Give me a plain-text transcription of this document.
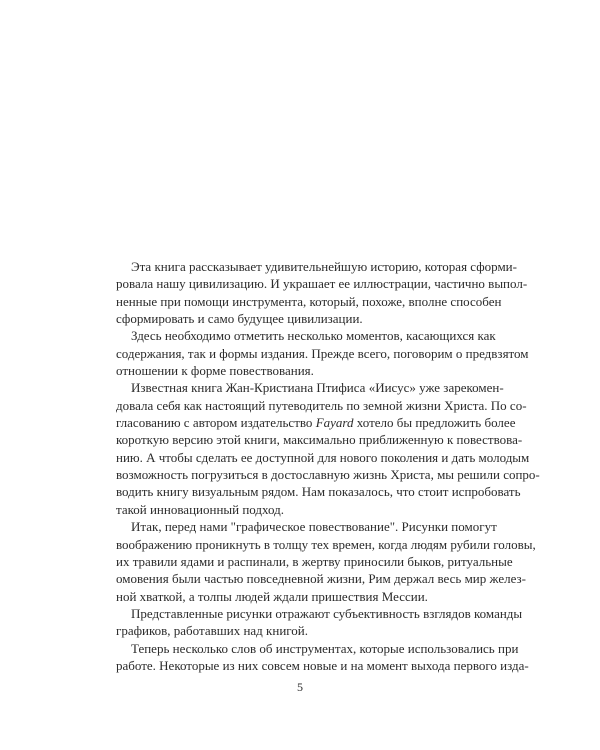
Эта книга рассказывает удивительнейшую историю, которая сформи-
ровала нашу цивилизацию. И украшает ее иллюстрации, частично выпол-
ненные при помощи инструмента, который, похоже, вполне способен
сформировать и само будущее цивилизации.
Здесь необходимо отметить несколько моментов, касающихся как
содержания, так и формы издания. Прежде всего, поговорим о предвзятом
отношении к форме повествования.
Известная книга Жан-Кристиана Птифиса «Иисус» уже зарекомен-
довала себя как настоящий путеводитель по земной жизни Христа. По со-
гласованию с автором издательство Fayard хотело бы предложить более
короткую версию этой книги, максимально приближенную к повествова-
нию. А чтобы сделать ее доступной для нового поколения и дать молодым
возможность погрузиться в достославную жизнь Христа, мы решили сопро-
водить книгу визуальным рядом. Нам показалось, что стоит испробовать
такой инновационный подход.
Итак, перед нами "графическое повествование". Рисунки помогут
воображению проникнуть в толщу тех времен, когда людям рубили головы,
их травили ядами и распинали, в жертву приносили быков, ритуальные
омовения были частью повседневной жизни, Рим держал весь мир желез-
ной хваткой, а толпы людей ждали пришествия Мессии.
Представленные рисунки отражают субъективность взглядов команды
графиков, работавших над книгой.
Теперь несколько слов об инструментах, которые использовались при
работе. Некоторые из них совсем новые и на момент выхода первого изда-
5
